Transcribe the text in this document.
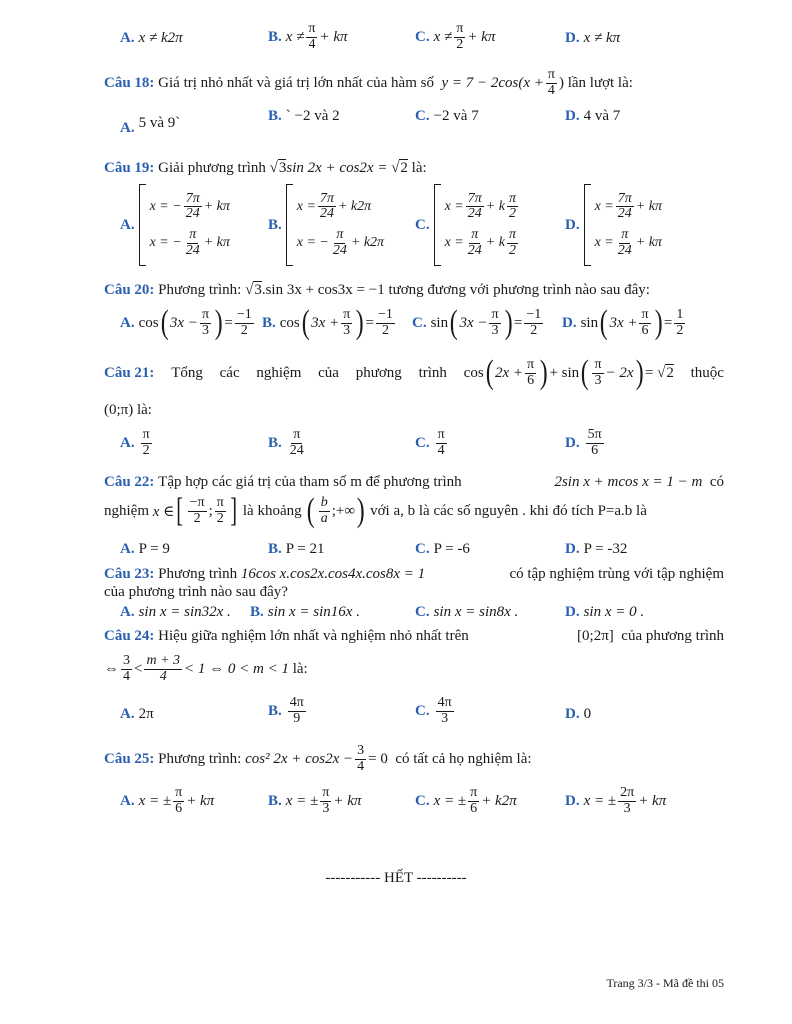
A. x ≠ k2π	B. $x \ne \frac{\pi}{4} + k\pi$	C. $x \ne \frac{\pi}{2} + k\pi$	D. x ≠ kπ
Câu 18:
Giá trị nhỏ nhất và giá trị lớn nhất của hàm số
$y = 7 - 2\cos(x + \frac{\pi}{4}$ )
lần lượt là:
A. 5 và 9`	B. ` −2 và 2	C. −2 và 7	D. 4 và 7
Câu 19:
Giải phương trình
√3 sin 2x + cos2x =
√2
là:
A.
x = − $\frac{7\pi}{24} + k\pi$
x = − $\frac{\pi}{24} + k\pi$
B.
$x = \frac{7\pi}{24} + k2\pi$
x = − $\frac{\pi}{24} + k2\pi$
C.
$x = \frac{7\pi}{24} + k \frac{\pi}{2}$
$x = \frac{\pi}{24} + k \frac{\pi}{2}$
D.
$x = \frac{7\pi}{24} + k\pi$
$x = \frac{\pi}{24} + k\pi$
Câu 20:
Phương trình:
√3 .sin 3x + cos3x = −1
tương đương với phương trình nào sau đây:
A. cos ( $3x - \frac{\pi}{3}$ ) = $\frac{-1}{2} B$. cos ( $3x + \frac{\pi}{3}$ ) = $\frac{-1}{2} C$. sin ( $3x - \frac{\pi}{3}$ ) = $\frac{-1}{2} D$. sin ( $3x + \frac{\pi}{6}$ ) = $\frac{1}{2}$
Câu 21: Tổng các nghiệm của phương trình cos ( $2x + \frac{\pi}{6}$ ) + sin ( $\frac{\pi}{3} - 2x$ ) = √ 2 thuộc
(0;π)
là:
A. $\frac{\pi}{2}$	B. $\frac{\pi}{24}$	C. $\frac{\pi}{4}$	D. $\frac{5\pi}{6}$
Câu 22: Tập hợp các giá trị của tham số m để phương trình	2sin x + mcos x = 1 − m có
nghiệm
x ∈ [ $\frac{-\pi}{2}$ ; $\frac{\pi}{2}$ ]
là khoảng
( $\frac{b}{a}$ ;+∞ )
với a, b là các số nguyên . khi đó tích P=a.b là
A. P = 9	B. P = 21	C. P = -6	D. P = -32
Câu 23: Phương trình 16cos x.cos2x.cos4x.cos8x = 1	có tập nghiệm trùng với tập nghiệm
của phương trình nào sau đây?
A. sin x = sin32x . B. sin x = sin16x .	C. sin x = sin8x .	D. sin x = 0 .
Câu 24: Hiệu giữa nghiệm lớn nhất và nghiệm nhỏ nhất trên	[0;2π] của phương trình
⇔ $\frac{3}{4} < \frac{m + 3}{4} < 1$ ⇔ 0 < m < 1
là:
A. 2π	B. $\frac{4\pi}{9}$	C. $\frac{4\pi}{3}$	D. 0
Câu 25:
Phương trình:
cos² $2x + \cos 2x - \frac{3}{4} = 0$
có tất cả họ nghiệm là:
A. x = ± $\frac{\pi}{6} + k\pi$	B. x = ± $\frac{\pi}{3} + k\pi$	C. x = ± $\frac{\pi}{6} + k2\pi$	D. x = ± $\frac{2\pi}{3} + k\pi$
----------- HẾT ----------
Trang 3/3 - Mã đề thi 05
